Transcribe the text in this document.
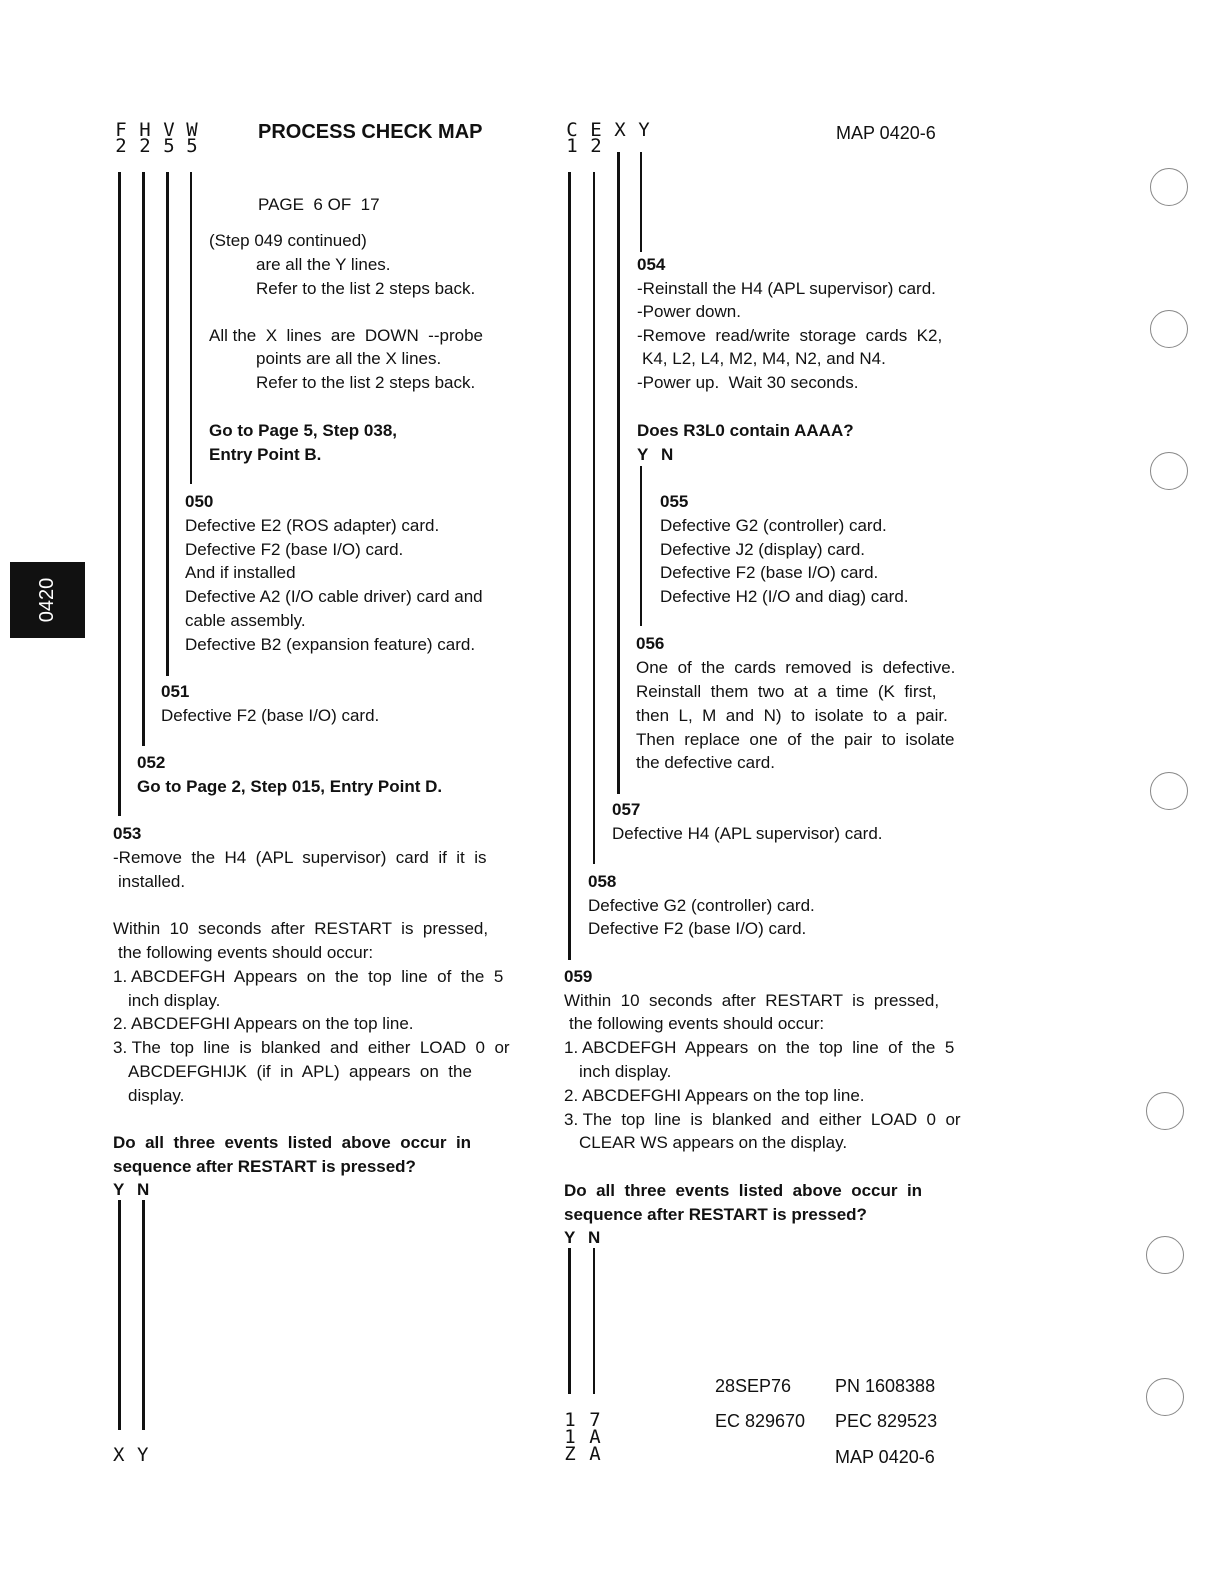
F
2
H
2
V
5
W
5
PROCESS CHECK MAP	C
1
E
2
X Y	MAP 0420-6
0420
PAGE  6 OF  17
(Step 049 continued)
are all the Y lines.
Refer to the list 2 steps back.
All the  X  lines  are  DOWN  --probe
points are all the X lines.
Refer to the list 2 steps back.
Go to Page 5, Step 038,
Entry Point B.
050
Defective E2 (ROS adapter) card.
Defective F2 (base I/O) card.
And if installed
Defective A2 (I/O cable driver) card and
cable assembly.
Defective B2 (expansion feature) card.
051
Defective F2 (base I/O) card.
052
Go to Page 2, Step 015, Entry Point D.
053
-Remove  the  H4  (APL  supervisor)  card  if  it  is
installed.
Within  10  seconds  after  RESTART  is  pressed,
the following events should occur:
1. ABCDEFGH  Appears  on  the  top  line  of  the  5
inch display.
2. ABCDEFGHI Appears on the top line.
3. The  top  line  is  blanked  and  either  LOAD  0  or
ABCDEFGHIJK  (if  in  APL)  appears  on  the
display.
Do  all  three  events  listed  above  occur  in
sequence after RESTART is pressed?
Y N
X Y
054
-Reinstall the H4 (APL supervisor) card.
-Power down.
-Remove  read/write  storage  cards  K2,
K4, L2, L4, M2, M4, N2, and N4.
-Power up.  Wait 30 seconds.
Does R3L0 contain AAAA?
Y N
055
Defective G2 (controller) card.
Defective J2 (display) card.
Defective F2 (base I/O) card.
Defective H2 (I/O and diag) card.
056
One  of  the  cards  removed  is  defective.
Reinstall  them  two  at  a  time  (K  first,
then  L,  M  and  N)  to  isolate  to  a  pair.
Then  replace  one  of  the  pair  to  isolate
the defective card.
057
Defective H4 (APL supervisor) card.
058
Defective G2 (controller) card.
Defective F2 (base I/O) card.
059
Within  10  seconds  after  RESTART  is  pressed,
the following events should occur:
1. ABCDEFGH  Appears  on  the  top  line  of  the  5
inch display.
2. ABCDEFGHI Appears on the top line.
3. The  top  line  is  blanked  and  either  LOAD  0  or
CLEAR WS appears on the display.
Do  all  three  events  listed  above  occur  in
sequence after RESTART is pressed?
Y N
1
1
Z
7
A
A
28SEP76 PN 1608388
EC 829670 PEC 829523
MAP 0420-6
